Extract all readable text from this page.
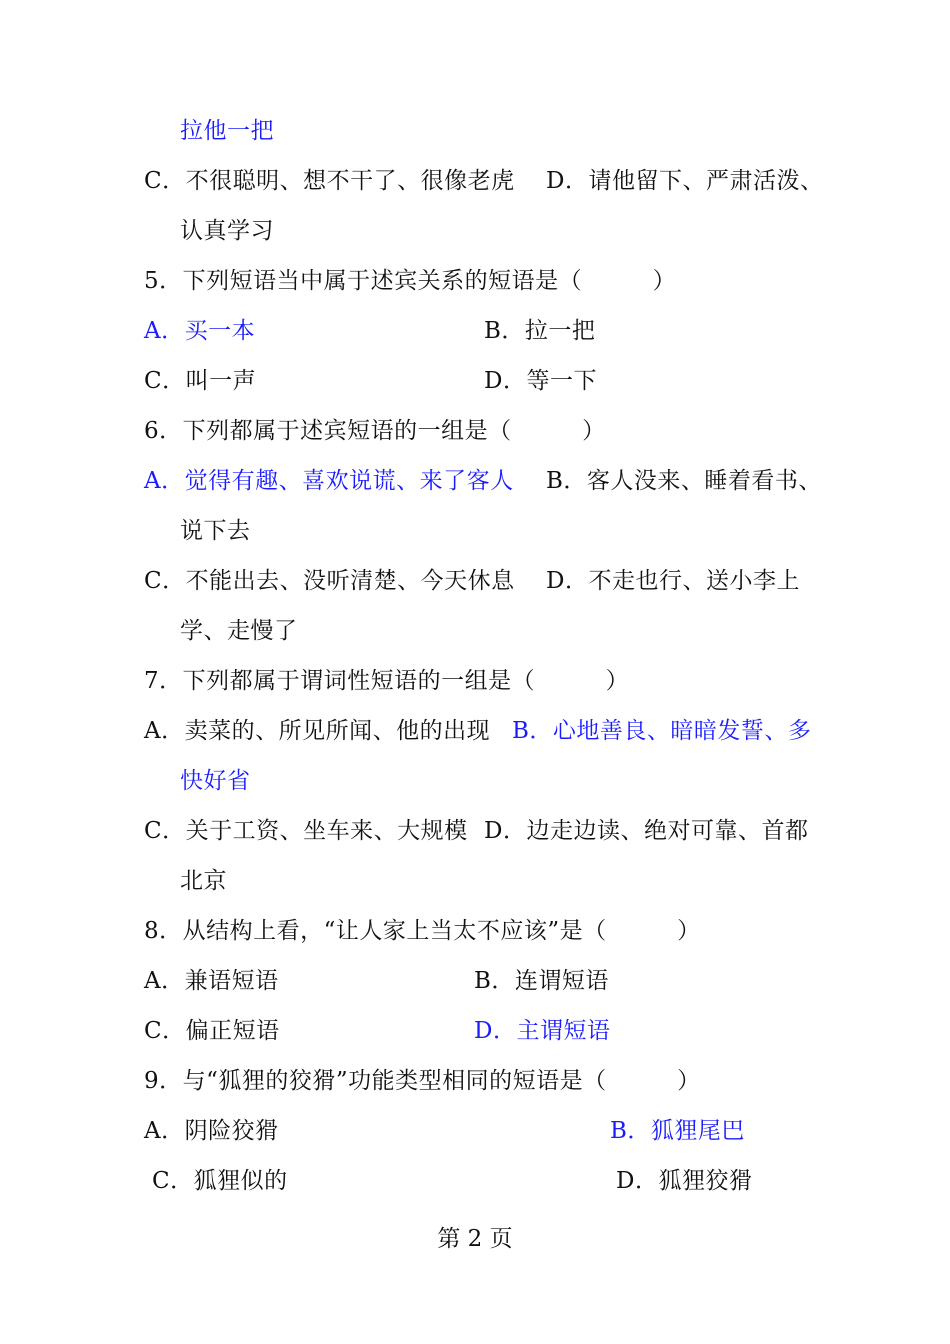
拉他一把
C．不很聪明、想不干了、很像老虎 D．请他留下、严肃活泼、
认真学习
5．下列短语当中属于述宾关系的短语是（　　　）
A．买一本	B．拉一把
C．叫一声	D．等一下
6．下列都属于述宾短语的一组是（　　　）
A．觉得有趣、喜欢说谎、来了客人 B．客人没来、睡着看书、
说下去
C．不能出去、没听清楚、今天休息 D．不走也行、送小李上
学、走慢了
7．下列都属于谓词性短语的一组是（　　　）
A．卖菜的、所见所闻、他的出现 B．心地善良、暗暗发誓、多
快好省
C．关于工资、坐车来、大规模 D．边走边读、绝对可靠、首都
北京
8．从结构上看，“让人家上当太不应该”是（　　　）
A．兼语短语	B．连谓短语
C．偏正短语	D．主谓短语
9．与“狐狸的狡猾”功能类型相同的短语是（　　　）
A．阴险狡猾	B．狐狸尾巴
C．狐狸似的	D．狐狸狡猾
第 2 页
